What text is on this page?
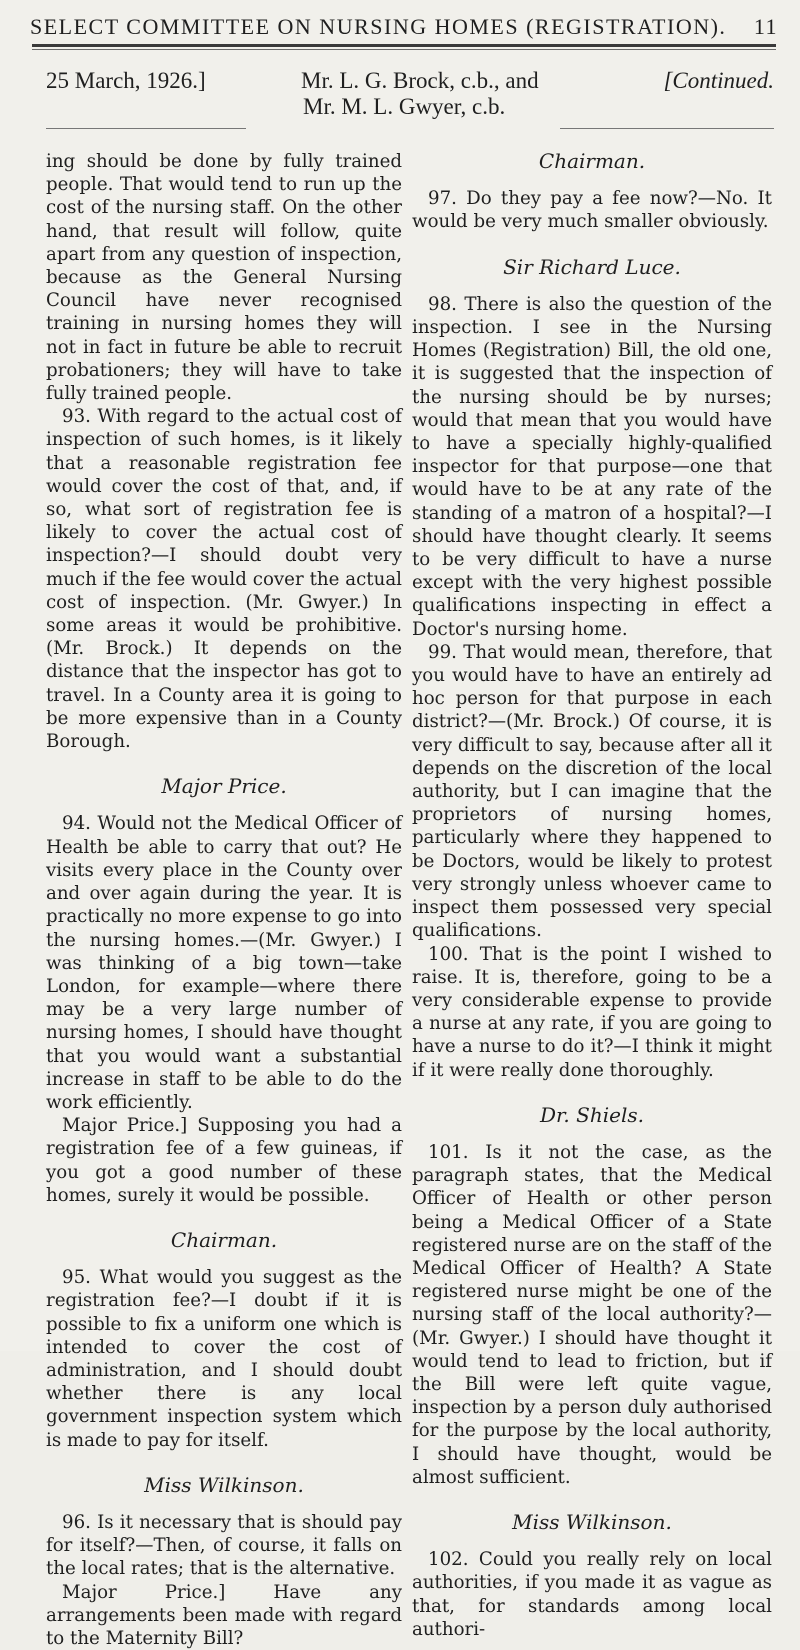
SELECT COMMITTEE ON NURSING HOMES (REGISTRATION). 11
25 March, 1926.]	Mr. L. G. Brock, c.b., and
Mr. M. L. Gwyer, c.b.
[Continued.

ing should be done by fully trained people. That would tend to run up the cost of the nursing staff. On the other hand, that result will follow, quite apart from any question of inspection, because as the General Nursing Council have never recognised training in nursing homes they will not in fact in future be able to recruit probationers; they will have to take fully trained people.

93. With regard to the actual cost of inspection of such homes, is it likely that a reasonable registration fee would cover the cost of that, and, if so, what sort of registration fee is likely to cover the actual cost of inspection?—I should doubt very much if the fee would cover the actual cost of inspection. (Mr. Gwyer.) In some areas it would be prohibitive. (Mr. Brock.) It depends on the distance that the inspector has got to travel. In a County area it is going to be more expensive than in a County Borough.

Major Price.

94. Would not the Medical Officer of Health be able to carry that out? He visits every place in the County over and over again during the year. It is practically no more expense to go into the nursing homes.—(Mr. Gwyer.) I was thinking of a big town—take London, for example—where there may be a very large number of nursing homes, I should have thought that you would want a substantial increase in staff to be able to do the work efficiently.

Major Price.] Supposing you had a registration fee of a few guineas, if you got a good number of these homes, surely it would be possible.

Chairman.

95. What would you suggest as the registration fee?—I doubt if it is possible to fix a uniform one which is intended to cover the cost of administration, and I should doubt whether there is any local government inspection system which is made to pay for itself.

Miss Wilkinson.

96. Is it necessary that is should pay for itself?—Then, of course, it falls on the local rates; that is the alternative.

Major Price.] Have any arrangements been made with regard to the Maternity Bill?

Chairman.

97. Do they pay a fee now?—No. It would be very much smaller obviously.

Sir Richard Luce.

98. There is also the question of the inspection. I see in the Nursing Homes (Registration) Bill, the old one, it is suggested that the inspection of the nursing should be by nurses; would that mean that you would have to have a specially highly-qualified inspector for that purpose—one that would have to be at any rate of the standing of a matron of a hospital?—I should have thought clearly. It seems to be very difficult to have a nurse except with the very highest possible qualifications inspecting in effect a Doctor's nursing home.

99. That would mean, therefore, that you would have to have an entirely ad hoc person for that purpose in each district?—(Mr. Brock.) Of course, it is very difficult to say, because after all it depends on the discretion of the local authority, but I can imagine that the proprietors of nursing homes, particularly where they happened to be Doctors, would be likely to protest very strongly unless whoever came to inspect them possessed very special qualifications.

100. That is the point I wished to raise. It is, therefore, going to be a very considerable expense to provide a nurse at any rate, if you are going to have a nurse to do it?—I think it might if it were really done thoroughly.

Dr. Shiels.

101. Is it not the case, as the paragraph states, that the Medical Officer of Health or other person being a Medical Officer of a State registered nurse are on the staff of the Medical Officer of Health? A State registered nurse might be one of the nursing staff of the local authority?—(Mr. Gwyer.) I should have thought it would tend to lead to friction, but if the Bill were left quite vague, inspection by a person duly authorised for the purpose by the local authority, I should have thought, would be almost sufficient.

Miss Wilkinson.

102. Could you really rely on local authorities, if you made it as vague as that, for standards among local authori-
